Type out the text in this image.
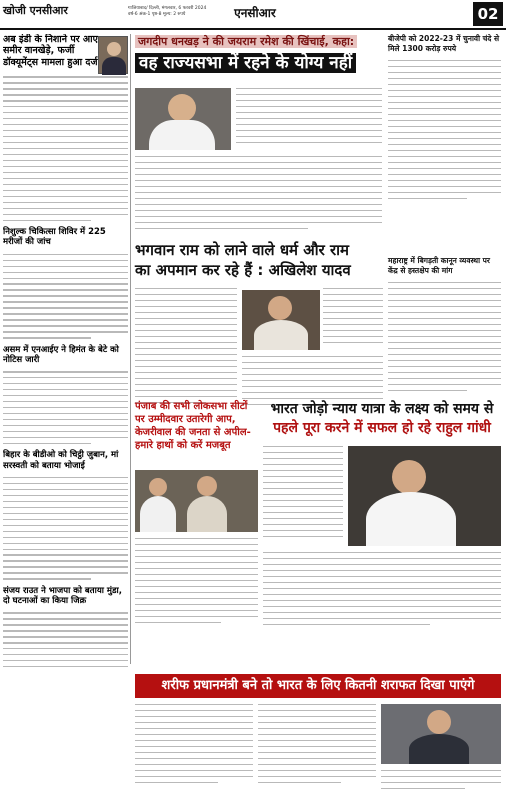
खोजी एनसीआर	गाजियाबाद/ दिल्ली, मंगलवार, 6 फरवरी 2024
वर्ष-6 अंक-1 पृष्ठ-8 मूल्य: 2 रुपये	एनसीआर	02
अब इंडी के निशाने पर आए समीर वानखेड़े, फर्जी डॉक्यूमेंट्स मामला हुआ दर्ज
निशुल्क चिकित्सा शिविर में 225 मरीजों की जांच
असम में एनआईए ने हिमंत के बेटे को नोटिस जारी
बिहार के बीडीओ को चिट्ठी जुबान, मां सरस्वती को बताया भोजाई
संजय राउत ने भाजपा को बताया मुंडा, दो घटनाओं का किया जिक्र
जगदीप धनखड़ ने की जयराम रमेश की खिंचाई, कहा:
वह राज्यसभा में रहने के योग्य नहीं
बीजेपी को 2022-23 में चुनावी चंदे से मिले 1300 करोड़ रुपये
भगवान राम को लाने वाले धर्म और राम
का अपमान कर रहे हैं : अखिलेश यादव
महाराष्ट्र में बिगड़ती कानून व्यवस्था पर केंद्र से हस्तक्षेप की मांग
पंजाब की सभी लोकसभा सीटों पर उम्मीदवार उतारेगी आप, केजरीवाल की जनता से अपील- हमारे हाथों को करें मजबूत
भारत जोड़ो न्याय यात्रा के लक्ष्य को समय से
पहले पूरा करने में सफल हो रहे राहुल गांधी
शरीफ प्रधानमंत्री बने तो भारत के लिए कितनी शराफत दिखा पाएंगे
